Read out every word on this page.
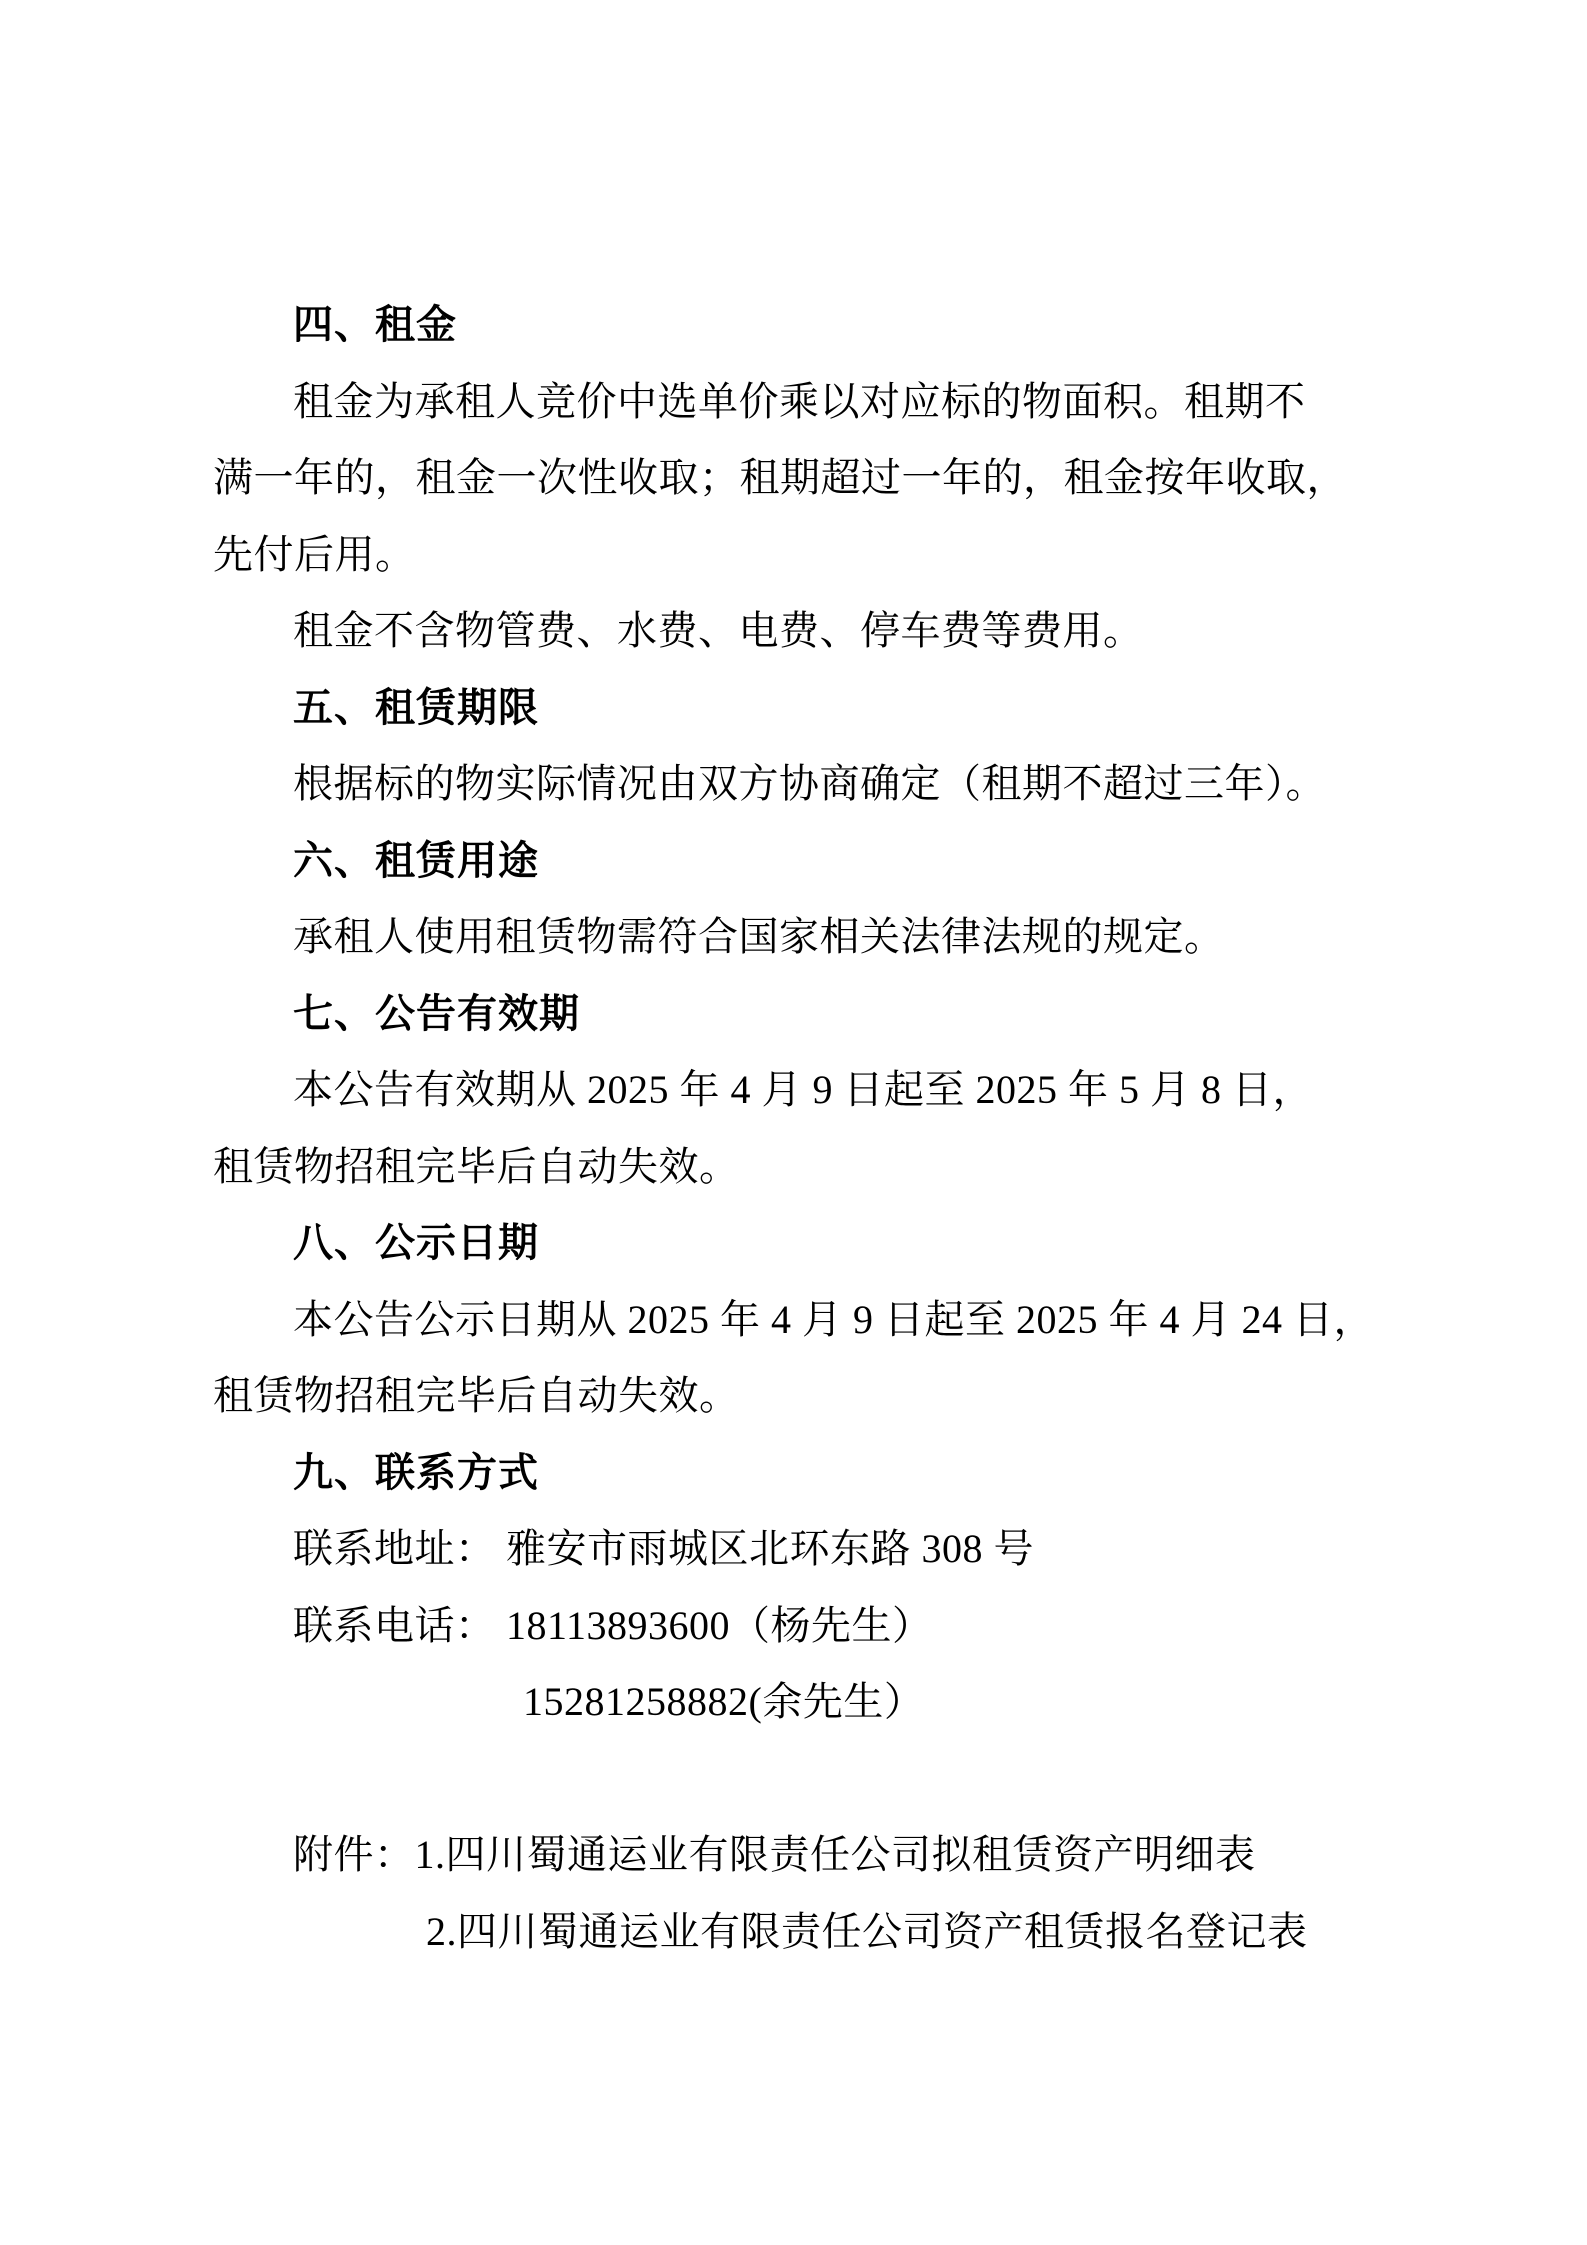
四、租金
租金为承租人竞价中选单价乘以对应标的物面积。租期不
满一年的，租金一次性收取；租期超过一年的，租金按年收取，
先付后用。
租金不含物管费、水费、电费、停车费等费用。
五、租赁期限
根据标的物实际情况由双方协商确定（租期不超过三年）。
六、租赁用途
承租人使用租赁物需符合国家相关法律法规的规定。
七、公告有效期
本公告有效期从 2025 年 4 月 9 日起至 2025 年 5 月 8 日，
租赁物招租完毕后自动失效。
八、公示日期
本公告公示日期从 2025 年 4 月 9 日起至 2025 年 4 月 24 日，
租赁物招租完毕后自动失效。
九、联系方式
联系地址： 雅安市雨城区北环东路 308 号
联系电话： 18113893600（杨先生）
15281258882(余先生）
附件：1.四川蜀通运业有限责任公司拟租赁资产明细表
2.四川蜀通运业有限责任公司资产租赁报名登记表
